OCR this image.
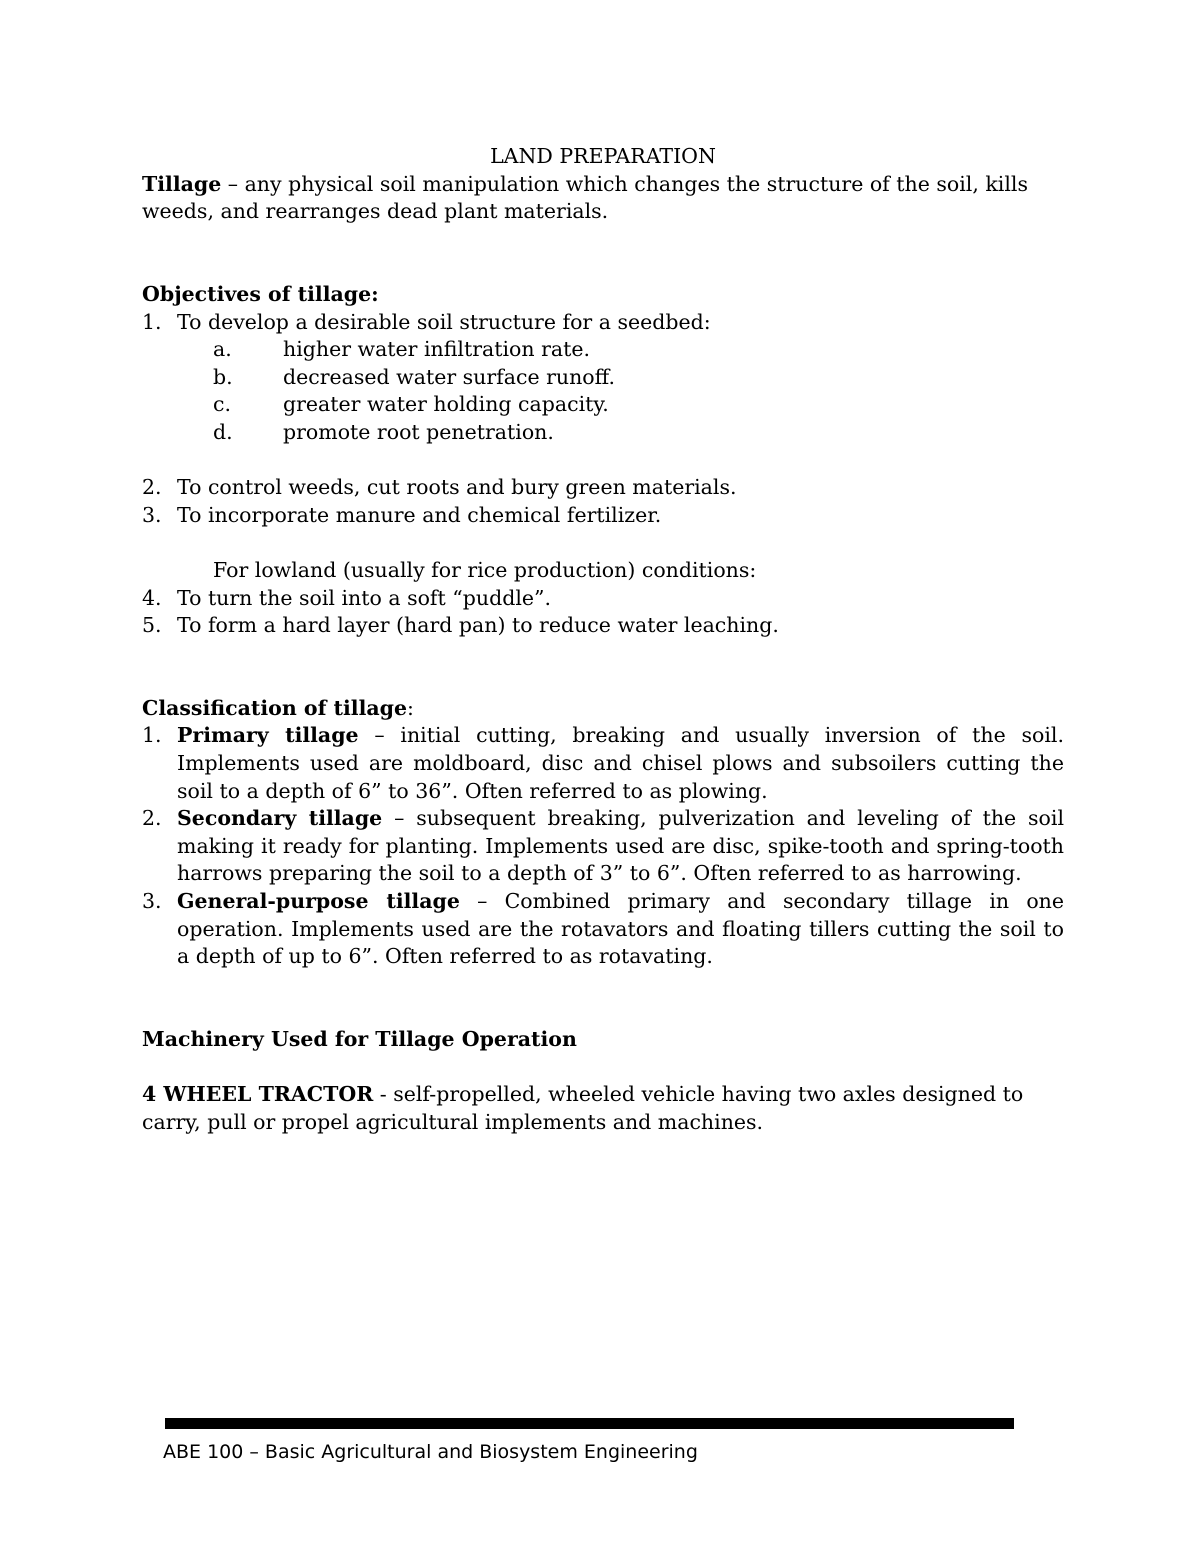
LAND PREPARATION

Tillage – any physical soil manipulation which changes the structure of the soil, kills weeds, and rearranges dead plant materials.

Objectives of tillage:

1. To develop a desirable soil structure for a seedbed:
a.	higher water infiltration rate.
b. decreased water surface runoff.
c.	greater water holding capacity.
d. promote root penetration.
2. To control weeds, cut roots and bury green materials.
3. To incorporate manure and chemical fertilizer.

For lowland (usually for rice production) conditions:

4. To turn the soil into a soft “puddle”.
5. To form a hard layer (hard pan) to reduce water leaching.

Classification of tillage:

1. Primary tillage – initial cutting, breaking and usually inversion of the soil. Implements used are moldboard, disc and chisel plows and subsoilers cutting the soil to a depth of 6” to 36”. Often referred to as plowing.
2. Secondary tillage – subsequent breaking, pulverization and leveling of the soil making it ready for planting. Implements used are disc, spike-tooth and spring-tooth harrows preparing the soil to a depth of 3” to 6”. Often referred to as harrowing.
3. General-purpose tillage – Combined primary and secondary tillage in one operation. Implements used are the rotavators and floating tillers cutting the soil to a depth of up to 6”. Often referred to as rotavating.

Machinery Used for Tillage Operation

4 WHEEL TRACTOR - self-propelled, wheeled vehicle having two axles designed to carry, pull or propel agricultural implements and machines.

ABE 100 – Basic Agricultural and Biosystem Engineering
